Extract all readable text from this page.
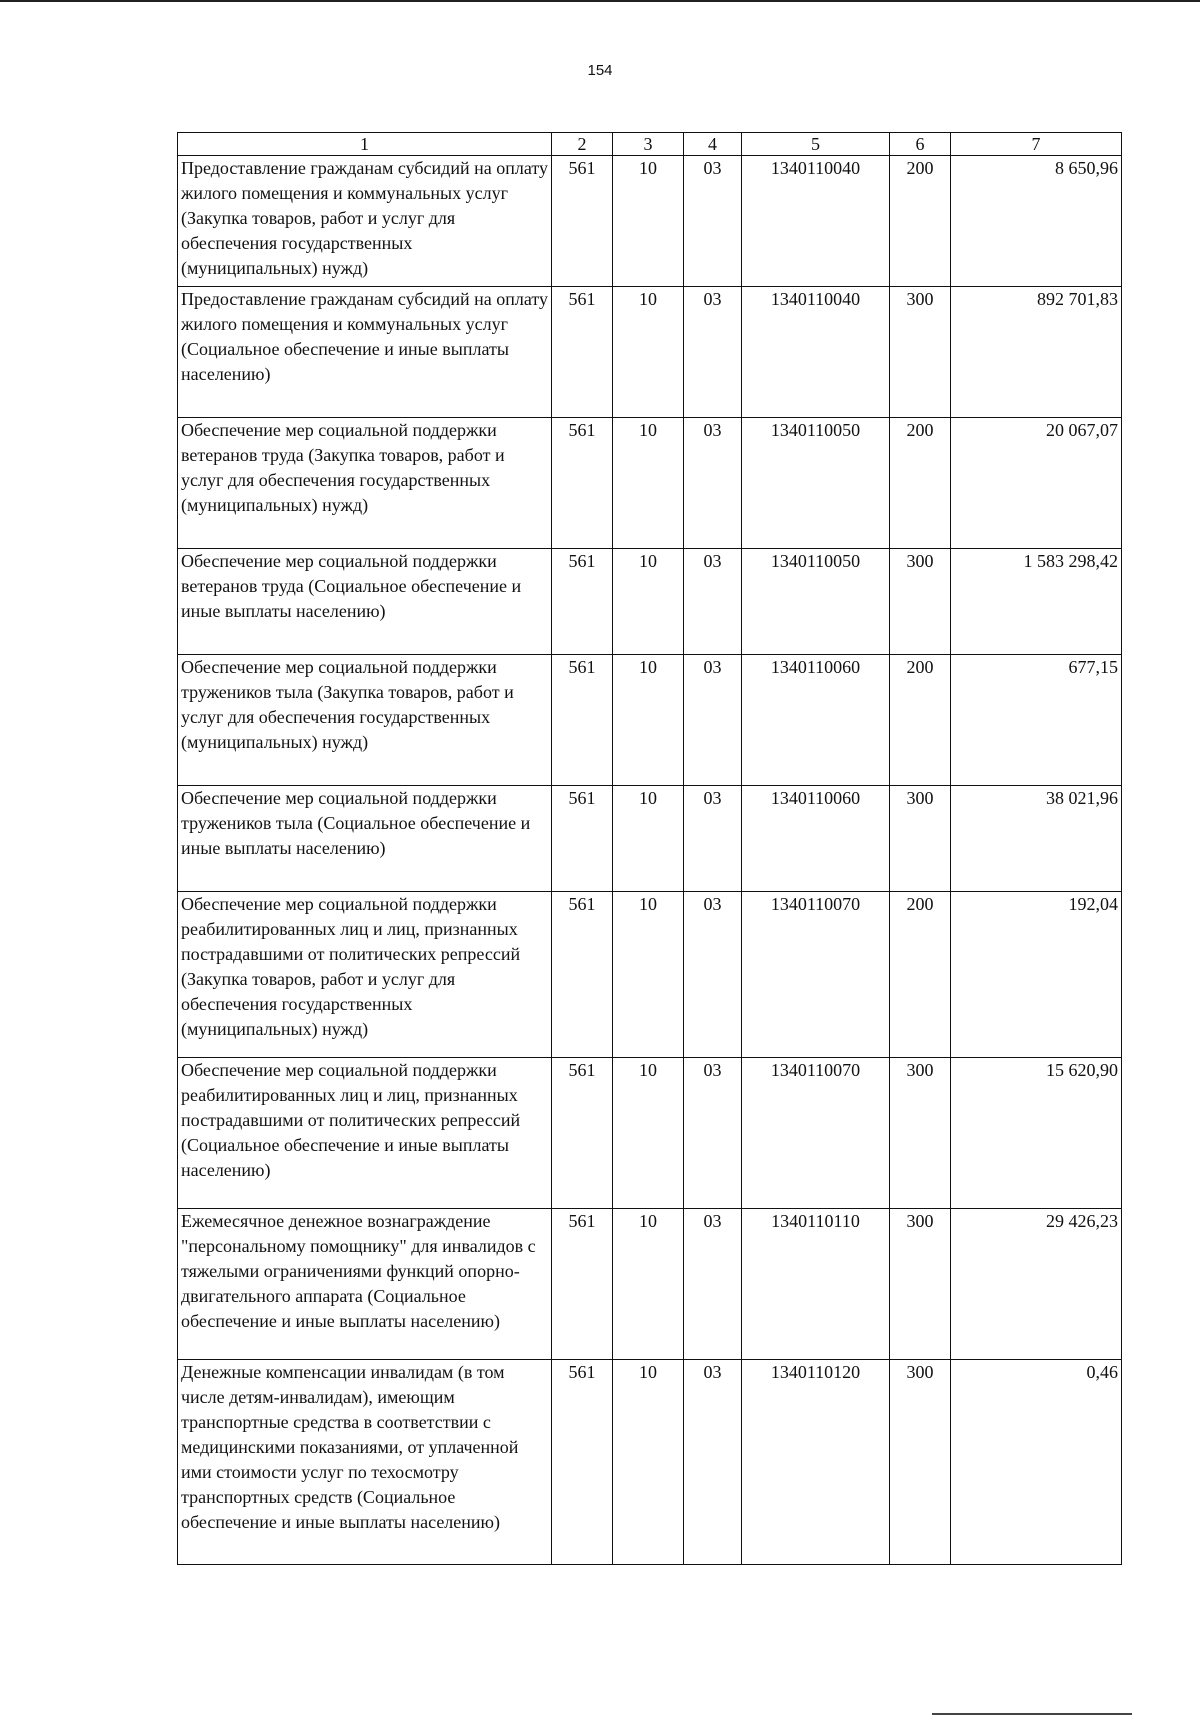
154
1	2	3	4	5	6	7
Предоставление гражданам субсидий на оплату жилого помещения и коммунальных услуг (Закупка товаров, работ и услуг для обеспечения государственных (муниципальных) нужд)	561	10	03	1340110040	200	8 650,96
Предоставление гражданам субсидий на оплату жилого помещения и коммунальных услуг (Социальное обеспечение и иные выплаты населению)	561	10	03	1340110040	300	892 701,83
Обеспечение мер социальной поддержки ветеранов труда (Закупка товаров, работ и услуг для обеспечения государственных (муниципальных) нужд)	561	10	03	1340110050	200	20 067,07
Обеспечение мер социальной поддержки ветеранов труда (Социальное обеспечение и иные выплаты населению)	561	10	03	1340110050	300	1 583 298,42
Обеспечение мер социальной поддержки тружеников тыла (Закупка товаров, работ и услуг для обеспечения государственных (муниципальных) нужд)	561	10	03	1340110060	200	677,15
Обеспечение мер социальной поддержки тружеников тыла (Социальное обеспечение и иные выплаты населению)	561	10	03	1340110060	300	38 021,96
Обеспечение мер социальной поддержки реабилитированных лиц и лиц, признанных пострадавшими от политических репрессий (Закупка товаров, работ и услуг для обеспечения государственных (муниципальных) нужд)	561	10	03	1340110070	200	192,04
Обеспечение мер социальной поддержки реабилитированных лиц и лиц, признанных пострадавшими от политических репрессий (Социальное обеспечение и иные выплаты населению)	561	10	03	1340110070	300	15 620,90
Ежемесячное денежное вознаграждение "персональному помощнику" для инвалидов с тяжелыми ограничениями функций опорно-двигательного аппарата (Социальное обеспечение и иные выплаты населению)	561	10	03	1340110110	300	29 426,23
Денежные компенсации инвалидам (в том числе детям-инвалидам), имеющим транспортные средства в соответствии с медицинскими показаниями, от уплаченной ими стоимости услуг по техосмотру транспортных средств (Социальное обеспечение и иные выплаты населению)	561	10	03	1340110120	300	0,46
